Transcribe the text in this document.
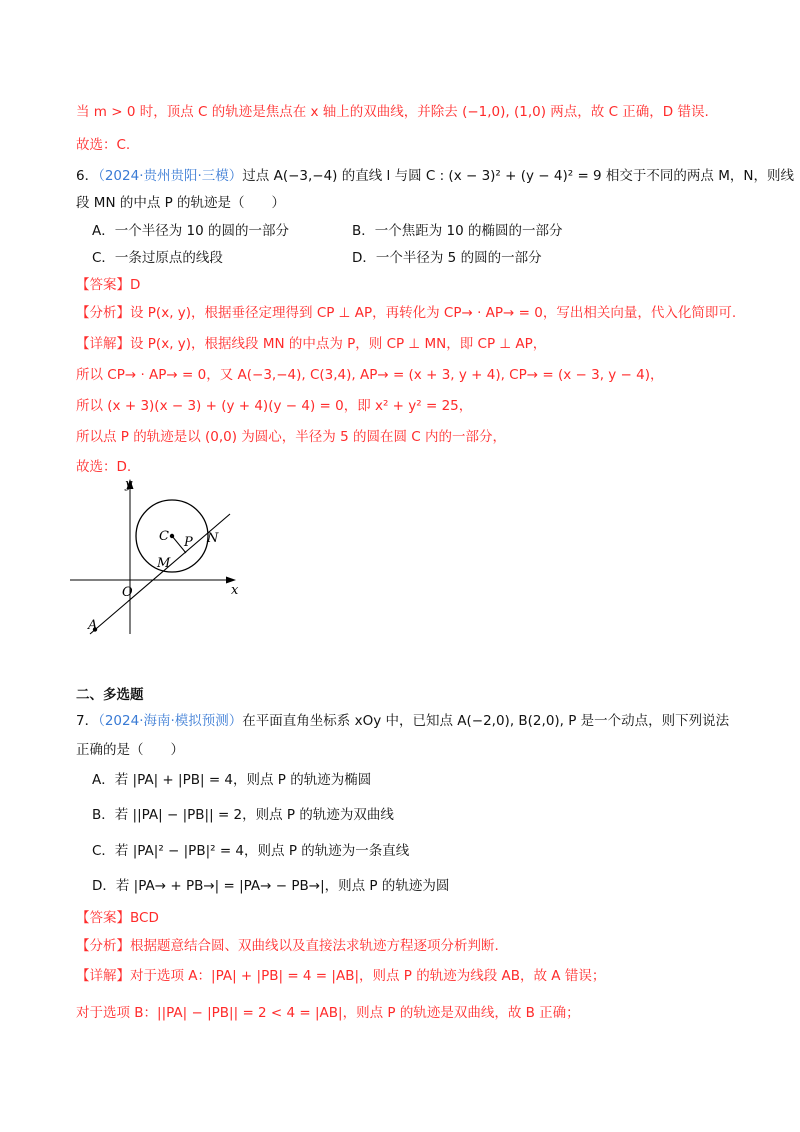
当 m > 0 时，顶点 C 的轨迹是焦点在 x 轴上的双曲线，并除去 (−1,0), (1,0) 两点，故 C 正确，D 错误.
故选：C.
6．（2024·贵州贵阳·三模）过点 A(−3,−4) 的直线 l 与圆 C : (x − 3)² + (y − 4)² = 9 相交于不同的两点 M，N，则线
段 MN 的中点 P 的轨迹是（　　）
A．一个半径为 10 的圆的一部分	B．一个焦距为 10 的椭圆的一部分
C．一条过原点的线段	D．一个半径为 5 的圆的一部分
【答案】D
【分析】设 P(x, y)，根据垂径定理得到 CP ⊥ AP，再转化为 CP→ · AP→ = 0，写出相关向量，代入化简即可.
【详解】设 P(x, y)，根据线段 MN 的中点为 P，则 CP ⊥ MN，即 CP ⊥ AP，
所以 CP→ · AP→ = 0，又 A(−3,−4), C(3,4), AP→ = (x + 3, y + 4), CP→ = (x − 3, y − 4)，
所以 (x + 3)(x − 3) + (y + 4)(y − 4) = 0，即 x² + y² = 25，
所以点 P 的轨迹是以 (0,0) 为圆心，半径为 5 的圆在圆 C 内的一部分，
故选：D.
y
x
O
C P
M
N
A
二、多选题
7．（2024·海南·模拟预测）在平面直角坐标系 xOy 中，已知点 A(−2,0), B(2,0), P 是一个动点，则下列说法
正确的是（　　）
A．若 |PA| + |PB| = 4，则点 P 的轨迹为椭圆
B．若 ||PA| − |PB|| = 2，则点 P 的轨迹为双曲线
C．若 |PA|² − |PB|² = 4，则点 P 的轨迹为一条直线
D．若 |PA→ + PB→| = |PA→ − PB→|，则点 P 的轨迹为圆
【答案】BCD
【分析】根据题意结合圆、双曲线以及直接法求轨迹方程逐项分析判断.
【详解】对于选项 A：|PA| + |PB| = 4 = |AB|，则点 P 的轨迹为线段 AB，故 A 错误；
对于选项 B：||PA| − |PB|| = 2 < 4 = |AB|，则点 P 的轨迹是双曲线，故 B 正确；
